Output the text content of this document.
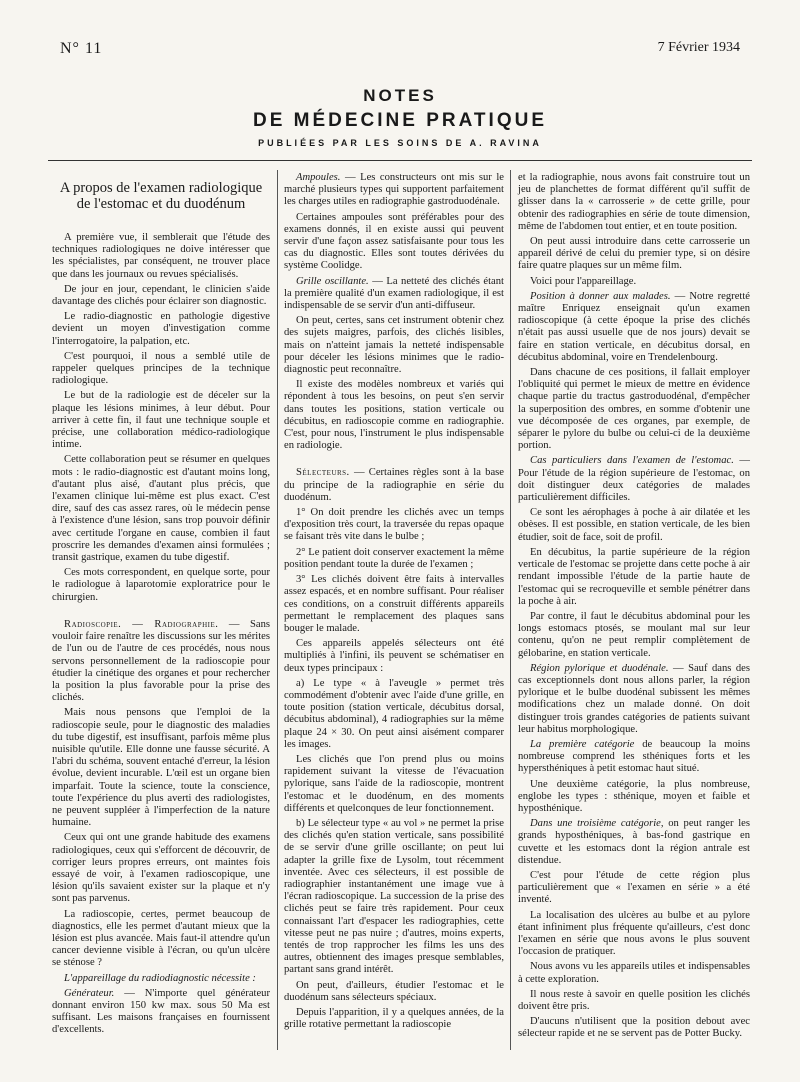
N° 11	7 Février 1934
NOTES
DE MÉDECINE PRATIQUE
PUBLIÉES PAR LES SOINS DE A. RAVINA
A propos de l'examen radiologique
de l'estomac et du duodénum

A première vue, il semblerait que l'étude des techniques radiologiques ne doive intéresser que les spécialistes, par conséquent, ne trouver place que dans les journaux ou revues spécialisés.

De jour en jour, cependant, le clinicien s'aide davantage des clichés pour éclairer son diagnostic.

Le radio-diagnostic en pathologie digestive devient un moyen d'investigation comme l'interrogatoire, la palpation, etc.

C'est pourquoi, il nous a semblé utile de rappeler quelques principes de la technique radiologique.

Le but de la radiologie est de déceler sur la plaque les lésions minimes, à leur début. Pour arriver à cette fin, il faut une technique souple et précise, une collaboration médico-radiologique intime.

Cette collaboration peut se résumer en quelques mots : le radio-diagnostic est d'autant moins long, d'autant plus aisé, d'autant plus précis, que l'examen clinique lui-même est plus exact. C'est dire, sauf des cas assez rares, où le médecin pense à l'existence d'une lésion, sans trop pouvoir définir avec certitude l'organe en cause, combien il faut proscrire les demandes d'examen ainsi formulées ; transit gastrique, examen du tube digestif.

Ces mots correspondent, en quelque sorte, pour le radiologue à laparotomie exploratrice pour le chirurgien.

Radioscopie. — Radiographie. — Sans vouloir faire renaître les discussions sur les mérites de l'un ou de l'autre de ces procédés, nous nous servons personnellement de la radioscopie pour étudier la cinétique des organes et pour rechercher la position la plus favorable pour la prise des clichés.

Mais nous pensons que l'emploi de la radioscopie seule, pour le diagnostic des maladies du tube digestif, est insuffisant, parfois même plus nuisible qu'utile. Elle donne une fausse sécurité. A l'abri du schéma, souvent entaché d'erreur, la lésion évolue, devient incurable. L'œil est un organe bien imparfait. Toute la science, toute la conscience, toute l'expérience du plus averti des radiologistes, ne peuvent suppléer à l'imperfection de la nature humaine.

Ceux qui ont une grande habitude des examens radiologiques, ceux qui s'efforcent de découvrir, de corriger leurs propres erreurs, ont maintes fois essayé de voir, à l'examen radioscopique, une lésion qu'ils savaient exister sur la plaque et n'y sont pas parvenus.

La radioscopie, certes, permet beaucoup de diagnostics, elle les permet d'autant mieux que la lésion est plus avancée. Mais faut-il attendre qu'un cancer devienne visible à l'écran, ou qu'un ulcère se sténose ?

L'appareillage du radiodiagnostic nécessite :

Générateur. — N'importe quel générateur donnant environ 150 kw max. sous 50 Ma est suffisant. Les maisons françaises en fournissent d'excellents.

Ampoules. — Les constructeurs ont mis sur le marché plusieurs types qui supportent parfaitement les charges utiles en radiographie gastroduodénale.

Certaines ampoules sont préférables pour des examens donnés, il en existe aussi qui peuvent servir d'une façon assez satisfaisante pour tous les cas du diagnostic. Elles sont toutes dérivées du système Coolidge.

Grille oscillante. — La netteté des clichés étant la première qualité d'un examen radiologique, il est indispensable de se servir d'un anti-diffuseur.

On peut, certes, sans cet instrument obtenir chez des sujets maigres, parfois, des clichés lisibles, mais on n'atteint jamais la netteté indispensable pour déceler les lésions minimes que le radio-diagnostic peut reconnaître.

Il existe des modèles nombreux et variés qui répondent à tous les besoins, on peut s'en servir dans toutes les positions, station verticale ou décubitus, en radioscopie comme en radiographie. C'est, pour nous, l'instrument le plus indispensable en radiologie.

Sélecteurs. — Certaines règles sont à la base du principe de la radiographie en série du duodénum.

1° On doit prendre les clichés avec un temps d'exposition très court, la traversée du repas opaque se faisant très vite dans le bulbe ;

2° Le patient doit conserver exactement la même position pendant toute la durée de l'examen ;

3° Les clichés doivent être faits à intervalles assez espacés, et en nombre suffisant. Pour réaliser ces conditions, on a construit différents appareils permettant le remplacement des plaques sans bouger le malade.

Ces appareils appelés sélecteurs ont été multipliés à l'infini, ils peuvent se schématiser en deux types principaux :

a) Le type « à l'aveugle » permet très commodément d'obtenir avec l'aide d'une grille, en toute position (station verticale, décubitus dorsal, décubitus abdominal), 4 radiographies sur la même plaque 24 × 30. On peut ainsi aisément comparer les images.

Les clichés que l'on prend plus ou moins rapidement suivant la vitesse de l'évacuation pylorique, sans l'aide de la radioscopie, montrent l'estomac et le duodénum, en des moments différents et quelconques de leur fonctionnement.

b) Le sélecteur type « au vol » ne permet la prise des clichés qu'en station verticale, sans possibilité de se servir d'une grille oscillante; on peut lui adapter la grille fixe de Lysolm, tout récemment inventée. Avec ces sélecteurs, il est possible de radiographier instantanément une image vue à l'écran radioscopique. La succession de la prise des clichés peut se faire très rapidement. Pour ceux connaissant l'art d'espacer les radiographies, cette vitesse peut ne pas nuire ; d'autres, moins experts, tentés de trop rapprocher les films les uns des autres, obtiennent des images presque semblables, partant sans grand intérêt.

On peut, d'ailleurs, étudier l'estomac et le duodénum sans sélecteurs spéciaux.

Depuis l'apparition, il y a quelques années, de la grille rotative permettant la radioscopie

et la radiographie, nous avons fait construire tout un jeu de planchettes de format différent qu'il suffit de glisser dans la « carrosserie » de cette grille, pour obtenir des radiographies en série de toute dimension, même de l'abdomen tout entier, et en toute position.

On peut aussi introduire dans cette carrosserie un appareil dérivé de celui du premier type, si on désire faire quatre plaques sur un même film.

Voici pour l'appareillage.

Position à donner aux malades. — Notre regretté maître Enriquez enseignait qu'un examen radioscopique (à cette époque la prise des clichés n'était pas aussi usuelle que de nos jours) devait se faire en station verticale, en décubitus dorsal, en décubitus abdominal, voire en Trendelenbourg.

Dans chacune de ces positions, il fallait employer l'obliquité qui permet le mieux de mettre en évidence chaque partie du tractus gastroduodénal, d'empêcher la superposition des ombres, en somme d'obtenir une vue décomposée de ces organes, par exemple, de séparer le pylore du bulbe ou celui-ci de la deuxième portion.

Cas particuliers dans l'examen de l'estomac. — Pour l'étude de la région supérieure de l'estomac, on doit distinguer deux catégories de malades particulièrement difficiles.

Ce sont les aérophages à poche à air dilatée et les obèses. Il est possible, en station verticale, de les bien étudier, soit de face, soit de profil.

En décubitus, la partie supérieure de la région verticale de l'estomac se projette dans cette poche à air rendant impossible l'étude de la partie haute de l'estomac qui se recroqueville et semble pénétrer dans la poche à air.

Par contre, il faut le décubitus abdominal pour les longs estomacs ptosés, se moulant mal sur leur contenu, qu'on ne peut remplir complètement de gélobarine, en station verticale.

Région pylorique et duodénale. — Sauf dans des cas exceptionnels dont nous allons parler, la région pylorique et le bulbe duodénal subissent les mêmes modifications chez un malade donné. On doit distinguer trois grandes catégories de patients suivant leur habitus morphologique.

La première catégorie de beaucoup la moins nombreuse comprend les sthéniques forts et les hypersthéniques à petit estomac haut situé.

Une deuxième catégorie, la plus nombreuse, englobe les types : sthénique, moyen et faible et hyposthénique.

Dans une troisième catégorie, on peut ranger les grands hyposthéniques, à bas-fond gastrique en cuvette et les estomacs dont la région antrale est distendue.

C'est pour l'étude de cette région plus particulièrement que « l'examen en série » a été inventé.

La localisation des ulcères au bulbe et au pylore étant infiniment plus fréquente qu'ailleurs, c'est donc l'examen en série que nous avons le plus souvent l'occasion de pratiquer.

Nous avons vu les appareils utiles et indispensables à cette exploration.

Il nous reste à savoir en quelle position les clichés doivent être pris.

D'aucuns n'utilisent que la position debout avec sélecteur rapide et ne se servent pas de Potter Bucky.
